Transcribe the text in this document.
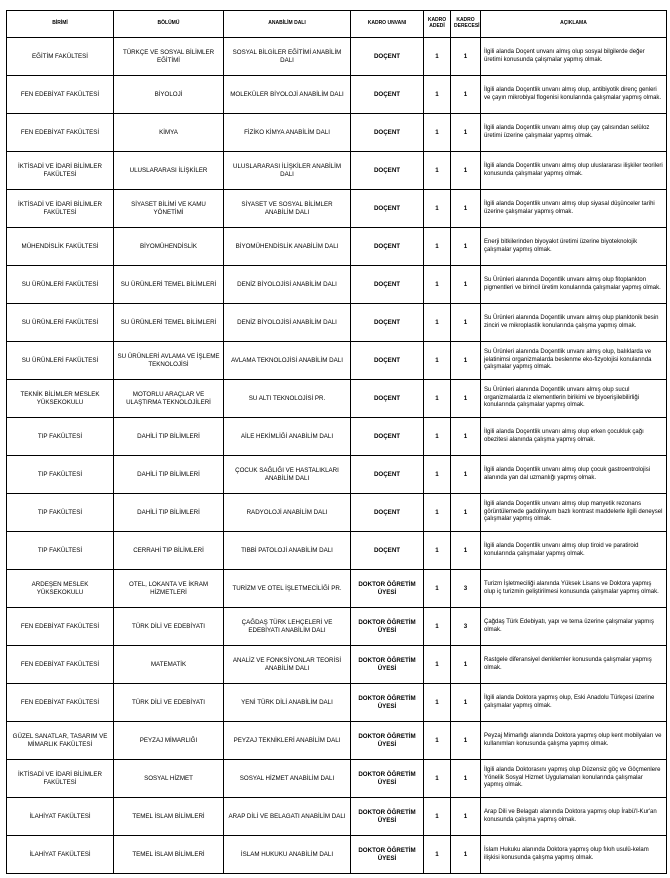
BİRİMİ	BÖLÜMÜ	ANABİLİM DALI	KADRO UNVANI	KADRO ADEDİ	KADRO DERECESİ	AÇIKLAMA
EĞİTİM FAKÜLTESİ	TÜRKÇE VE SOSYAL BİLİMLER EĞİTİMİ	SOSYAL BİLGİLER EĞİTİMİ ANABİLİM DALI	DOÇENT	1	1	İlgili alanda Doçent unvanı almış olup sosyal bilgilerde değer üretimi konusunda çalışmalar yapmış olmak.
FEN EDEBİYAT FAKÜLTESİ	BİYOLOJİ	MOLEKÜLER BİYOLOJİ ANABİLİM DALI	DOÇENT	1	1	İlgili alanda Doçentlik unvanı almış olup, antibiyotik direnç genleri ve çayın mikrobiyal flogenisi konularında çalışmalar yapmış olmak.
FEN EDEBİYAT FAKÜLTESİ	KİMYA	FİZİKO KİMYA ANABİLİM DALI	DOÇENT	1	1	İlgili alanda Doçentlik unvanı almış olup çay çalısından selüloz üretimi üzerine çalışmalar yapmış olmak.
İKTİSADİ VE İDARİ BİLİMLER FAKÜLTESİ	ULUSLARARASI İLİŞKİLER	ULUSLARARASI İLİŞKİLER ANABİLİM DALI	DOÇENT	1	1	İlgili alanda Doçentlik unvanı almış olup uluslararası ilişkiler teorileri konusunda çalışmalar yapmış olmak.
İKTİSADİ VE İDARİ BİLİMLER FAKÜLTESİ	SİYASET BİLİMİ VE KAMU YÖNETİMİ	SİYASET VE SOSYAL BİLİMLER ANABİLİM DALI	DOÇENT	1	1	İlgili alanda Doçentlik unvanı almış olup siyasal düşünceler tarihi üzerine çalışmalar yapmış olmak.
MÜHENDİSLİK FAKÜLTESİ	BİYOMÜHENDİSLİK	BİYOMÜHENDİSLİK ANABİLİM DALI	DOÇENT	1	1	Enerji bitkilerinden biyoyakıt üretimi üzerine biyoteknolojik çalışmalar yapmış olmak.
SU ÜRÜNLERİ FAKÜLTESİ	SU ÜRÜNLERİ TEMEL BİLİMLERİ	DENİZ BİYOLOJİSİ ANABİLİM DALI	DOÇENT	1	1	Su Ürünleri alanında Doçentlik unvanı almış olup fitoplankton pigmentleri ve birincil üretim konularında çalışmalar yapmış olmak.
SU ÜRÜNLERİ FAKÜLTESİ	SU ÜRÜNLERİ TEMEL BİLİMLERİ	DENİZ BİYOLOJİSİ ANABİLİM DALI	DOÇENT	1	1	Su Ürünleri alanında Doçentlik unvanı almış olup planktonik besin zinciri ve mikroplastik konularında çalışma yapmış olmak.
SU ÜRÜNLERİ FAKÜLTESİ	SU ÜRÜNLERİ AVLAMA VE İŞLEME TEKNOLOJİSİ	AVLAMA TEKNOLOJİSİ ANABİLİM DALI	DOÇENT	1	1	Su Ürünleri alanında Doçentlik unvanı almış olup, balıklarda ve jelatinimsi organizmalarda beslenme eko-fizyolojisi konularında çalışmalar yapmış olmak.
TEKNİK BİLİMLER MESLEK YÜKSEKOKULU	MOTORLU ARAÇLAR VE ULAŞTIRMA TEKNOLOJİLERİ	SU ALTI TEKNOLOJİSİ PR.	DOÇENT	1	1	Su Ürünleri alanında Doçentlik unvanı almış olup sucul organizmalarda iz elementlerin birikimi ve biyoerişilebilirliği konularında çalışmalar yapmış olmak.
TIP FAKÜLTESİ	DAHİLİ TIP BİLİMLERİ	AİLE HEKİMLİĞİ ANABİLİM DALI	DOÇENT	1	1	İlgili alanda Doçentlik unvanı almış olup erken çocukluk çağı obezitesi alanında çalışma yapmış olmak.
TIP FAKÜLTESİ	DAHİLİ TIP BİLİMLERİ	ÇOCUK SAĞLIĞI VE HASTALIKLARI ANABİLİM DALI	DOÇENT	1	1	İlgili alanda Doçentlik unvanı almış olup çocuk gastroentrolojisi alanında yan dal uzmanlığı yapmış olmak.
TIP FAKÜLTESİ	DAHİLİ TIP BİLİMLERİ	RADYOLOJİ ANABİLİM DALI	DOÇENT	1	1	İlgili alanda Doçentlik unvanı almış olup manyetik rezonans görüntülemede gadolinyum bazlı kontrast maddelerle ilgili deneysel çalışmalar yapmış olmak.
TIP FAKÜLTESİ	CERRAHİ TIP BİLİMLERİ	TIBBİ PATOLOJİ ANABİLİM DALI	DOÇENT	1	1	İlgili alanda Doçentlik unvanı almış olup tiroid ve paratiroid konularında çalışmalar yapmış olmak.
ARDEŞEN MESLEK YÜKSEKOKULU	OTEL, LOKANTA VE İKRAM HİZMETLERİ	TURİZM VE OTEL İŞLETMECİLİĞİ PR.	DOKTOR ÖĞRETİM ÜYESİ	1	3	Turizm İşletmeciliği alanında Yüksek Lisans ve Doktora yapmış olup iç turizmin geliştirilmesi konusunda çalışmalar yapmış olmak.
FEN EDEBİYAT FAKÜLTESİ	TÜRK DİLİ VE EDEBİYATI	ÇAĞDAŞ TÜRK LEHÇELERİ VE EDEBİYATI ANABİLİM DALI	DOKTOR ÖĞRETİM ÜYESİ	1	3	Çağdaş Türk Edebiyatı, yapı ve tema üzerine çalışmalar yapmış olmak.
FEN EDEBİYAT FAKÜLTESİ	MATEMATİK	ANALİZ VE FONKSİYONLAR TEORİSİ ANABİLİM DALI	DOKTOR ÖĞRETİM ÜYESİ	1	1	Rastgele diferansiyel denklemler konusunda çalışmalar yapmış olmak.
FEN EDEBİYAT FAKÜLTESİ	TÜRK DİLİ VE EDEBİYATI	YENİ TÜRK DİLİ ANABİLİM DALI	DOKTOR ÖĞRETİM ÜYESİ	1	1	İlgili alanda Doktora yapmış olup, Eski Anadolu Türkçesi üzerine çalışmalar yapmış olmak.
GÜZEL SANATLAR, TASARIM VE MİMARLIK FAKÜLTESİ	PEYZAJ MİMARLIĞI	PEYZAJ TEKNİKLERİ ANABİLİM DALI	DOKTOR ÖĞRETİM ÜYESİ	1	1	Peyzaj Mimarlığı alanında Doktora yapmış olup kent mobilyaları ve kullanımları konusunda çalışma yapmış olmak.
İKTİSADİ VE İDARİ BİLİMLER FAKÜLTESİ	SOSYAL HİZMET	SOSYAL HİZMET ANABİLİM DALI	DOKTOR ÖĞRETİM ÜYESİ	1	1	İlgili alanda Doktorasını yapmış olup Düzensiz göç ve Göçmenlere Yönelik Sosyal Hizmet Uygulamaları konularında çalışmalar yapmış olmak.
İLAHİYAT FAKÜLTESİ	TEMEL İSLAM BİLİMLERİ	ARAP DİLİ VE BELAGATI ANABİLİM DALI	DOKTOR ÖĞRETİM ÜYESİ	1	1	Arap Dili ve Belagatı alanında Doktora yapmış olup İrabü'l-Kur'an konusunda çalışma yapmış olmak.
İLAHİYAT FAKÜLTESİ	TEMEL İSLAM BİLİMLERİ	İSLAM HUKUKU ANABİLİM DALI	DOKTOR ÖĞRETİM ÜYESİ	1	1	İslam Hukuku alanında Doktora yapmış olup fıkıh usulü-kelam ilişkisi konusunda çalışma yapmış olmak.
